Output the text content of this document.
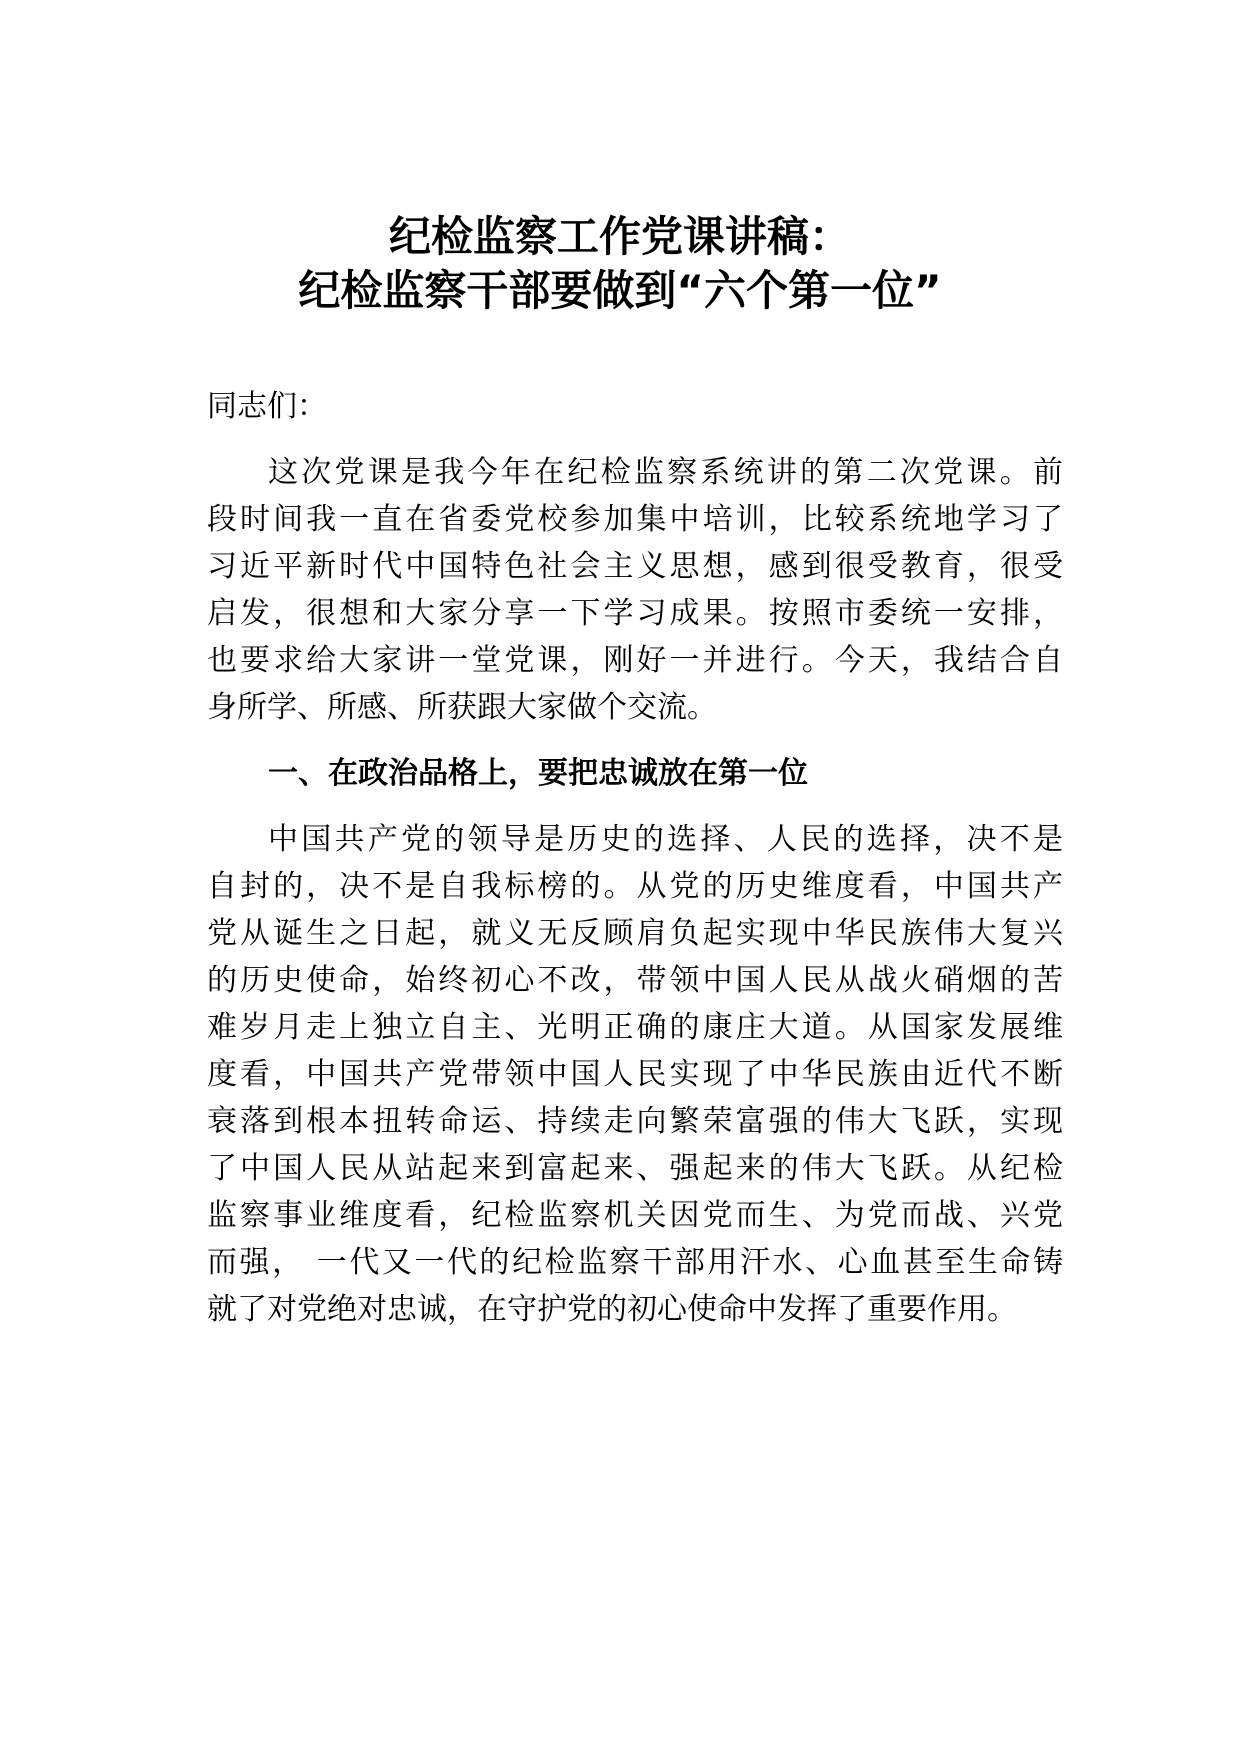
纪检监察工作党课讲稿：
纪检监察干部要做到“六个第一位”
同志们：
这次党课是我今年在纪检监察系统讲的第二次党课。前
段时间我一直在省委党校参加集中培训，比较系统地学习了
习近平新时代中国特色社会主义思想，感到很受教育，很受
启发，很想和大家分享一下学习成果。按照市委统一安排，
也要求给大家讲一堂党课，刚好一并进行。今天，我结合自
身所学、所感、所获跟大家做个交流。
一、在政治品格上，要把忠诚放在第一位
中国共产党的领导是历史的选择、人民的选择，决不是
自封的，决不是自我标榜的。从党的历史维度看，中国共产
党从诞生之日起，就义无反顾肩负起实现中华民族伟大复兴
的历史使命，始终初心不改，带领中国人民从战火硝烟的苦
难岁月走上独立自主、光明正确的康庄大道。从国家发展维
度看，中国共产党带领中国人民实现了中华民族由近代不断
衰落到根本扭转命运、持续走向繁荣富强的伟大飞跃，实现
了中国人民从站起来到富起来、强起来的伟大飞跃。从纪检
监察事业维度看，纪检监察机关因党而生、为党而战、兴党
而强， 一代又一代的纪检监察干部用汗水、心血甚至生命铸
就了对党绝对忠诚，在守护党的初心使命中发挥了重要作用。
